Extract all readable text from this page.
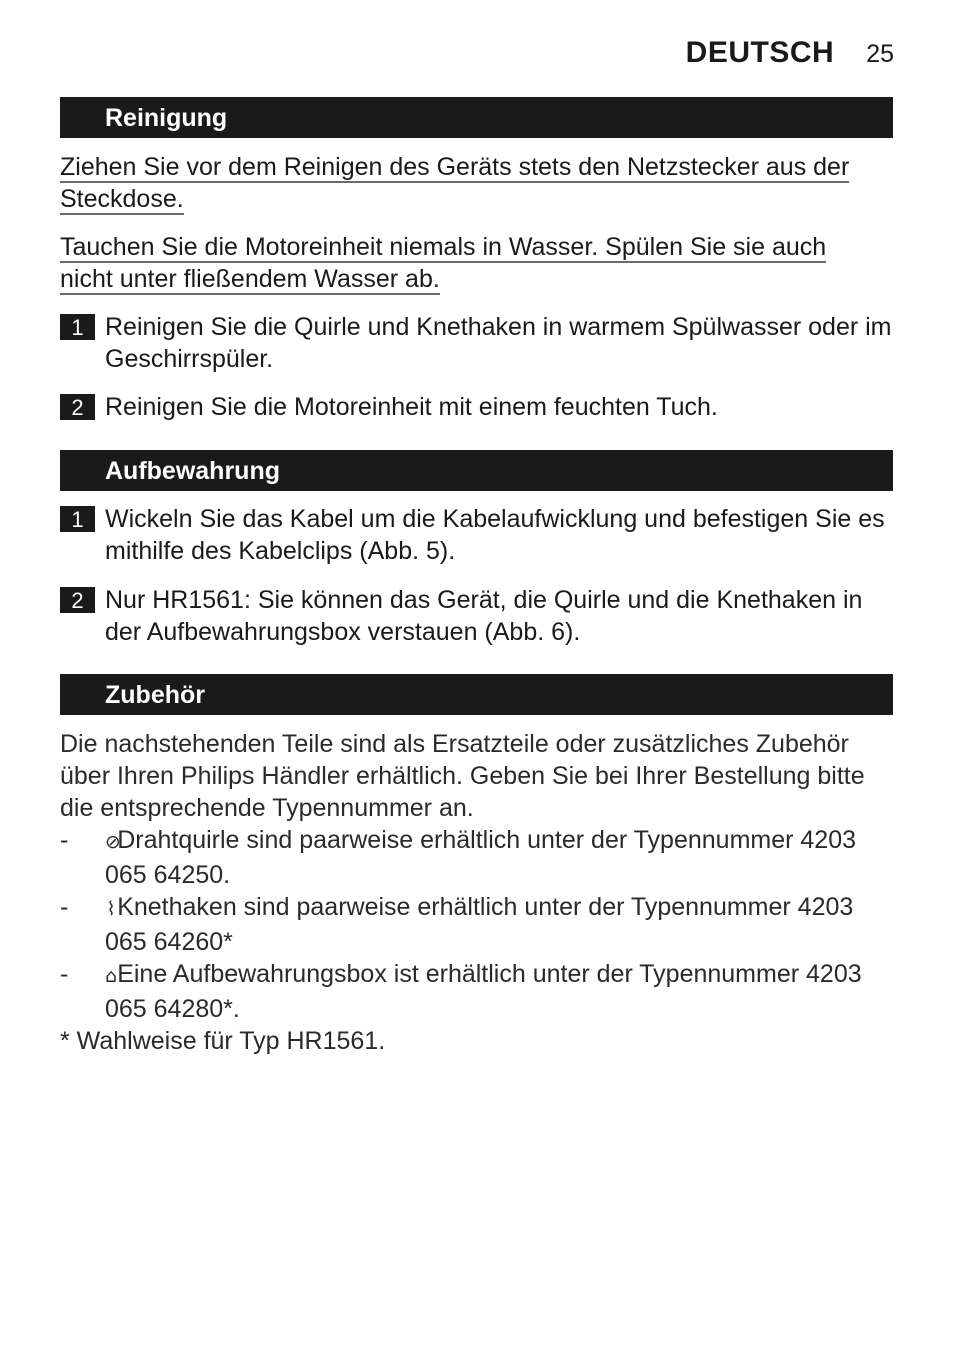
DEUTSCH 25
Reinigung
Ziehen Sie vor dem Reinigen des Geräts stets den Netzstecker aus der
Steckdose.
Tauchen Sie die Motoreinheit niemals in Wasser. Spülen Sie sie auch
nicht unter fließendem Wasser ab.
1 Reinigen Sie die Quirle und Knethaken in warmem Spülwasser oder im Geschirrspüler.
2 Reinigen Sie die Motoreinheit mit einem feuchten Tuch.
Aufbewahrung
1 Wickeln Sie das Kabel um die Kabelaufwicklung und befestigen Sie es mithilfe des Kabelclips (Abb. 5).
2 Nur HR1561: Sie können das Gerät, die Quirle und die Knethaken in der Aufbewahrungsbox verstauen (Abb. 6).
Zubehör
Die nachstehenden Teile sind als Ersatzteile oder zusätzliches Zubehör über Ihren Philips Händler erhältlich. Geben Sie bei Ihrer Bestellung bitte die entsprechende Typennummer an.
-	⊘Drahtquirle sind paarweise erhältlich unter der Typennummer 4203 065 64250.
-	⌇Knethaken sind paarweise erhältlich unter der Typennummer 4203 065 64260*
-	⌂Eine Aufbewahrungsbox ist erhältlich unter der Typennummer 4203 065 64280*.
* Wahlweise für Typ HR1561.
